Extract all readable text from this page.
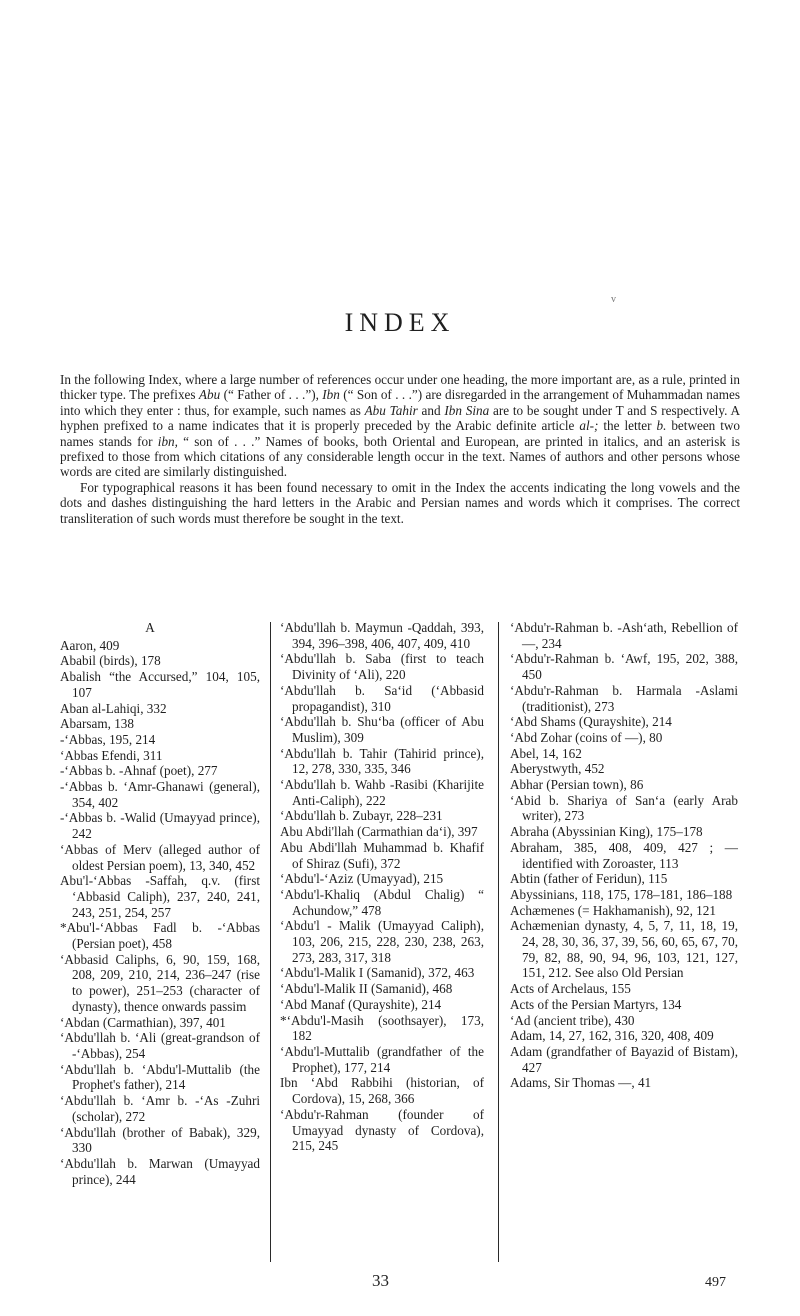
v
INDEX

In the following Index, where a large number of references occur under one heading, the more important are, as a rule, printed in thicker type. The prefixes Abu (“ Father of . . .”), Ibn (“ Son of . . .”) are disregarded in the arrangement of Muhammadan names into which they enter : thus, for example, such names as Abu Tahir and Ibn Sina are to be sought under T and S respectively. A hyphen prefixed to a name indicates that it is properly preceded by the Arabic definite article al-; the letter b. between two names stands for ibn, “ son of . . .” Names of books, both Oriental and European, are printed in italics, and an asterisk is prefixed to those from which citations of any considerable length occur in the text. Names of authors and other persons whose words are cited are similarly distinguished.

For typographical reasons it has been found necessary to omit in the Index the accents indicating the long vowels and the dots and dashes distinguishing the hard letters in the Arabic and Persian names and words which it comprises. The correct transliteration of such words must therefore be sought in the text.

A

Aaron, 409

Ababil (birds), 178

Abalish “the Accursed,” 104, 105, 107

Aban al-Lahiqi, 332

Abarsam, 138

-‘Abbas, 195, 214

‘Abbas Efendi, 311

-‘Abbas b. -Ahnaf (poet), 277

-‘Abbas b. ‘Amr-Ghanawi (general), 354, 402

-‘Abbas b. -Walid (Umayyad prince), 242

‘Abbas of Merv (alleged author of oldest Persian poem), 13, 340, 452

Abu'l-‘Abbas -Saffah, q.v. (first ‘Abbasid Caliph), 237, 240, 241, 243, 251, 254, 257

*Abu'l-‘Abbas Fadl b. -‘Abbas (Persian poet), 458

‘Abbasid Caliphs, 6, 90, 159, 168, 208, 209, 210, 214, 236–247 (rise to power), 251–253 (character of dynasty), thence onwards passim

‘Abdan (Carmathian), 397, 401

‘Abdu'llah b. ‘Ali (great-grandson of -‘Abbas), 254

‘Abdu'llah b. ‘Abdu'l-Muttalib (the Prophet's father), 214

‘Abdu'llah b. ‘Amr b. -‘As -Zuhri (scholar), 272

‘Abdu'llah (brother of Babak), 329, 330

‘Abdu'llah b. Marwan (Umayyad prince), 244

‘Abdu'llah b. Maymun -Qaddah, 393, 394, 396–398, 406, 407, 409, 410

‘Abdu'llah b. Saba (first to teach Divinity of ‘Ali), 220

‘Abdu'llah b. Sa‘id (‘Abbasid propagandist), 310

‘Abdu'llah b. Shu‘ba (officer of Abu Muslim), 309

‘Abdu'llah b. Tahir (Tahirid prince), 12, 278, 330, 335, 346

‘Abdu'llah b. Wahb -Rasibi (Kharijite Anti-Caliph), 222

‘Abdu'llah b. Zubayr, 228–231

Abu Abdi'llah (Carmathian da‘i), 397

Abu Abdi'llah Muhammad b. Khafif of Shiraz (Sufi), 372

‘Abdu'l-‘Aziz (Umayyad), 215

‘Abdu'l-Khaliq (Abdul Chalig) “ Achundow,” 478

‘Abdu'l - Malik (Umayyad Caliph), 103, 206, 215, 228, 230, 238, 263, 273, 283, 317, 318

‘Abdu'l-Malik I (Samanid), 372, 463

‘Abdu'l-Malik II (Samanid), 468

‘Abd Manaf (Qurayshite), 214

*‘Abdu'l-Masih (soothsayer), 173, 182

‘Abdu'l-Muttalib (grandfather of the Prophet), 177, 214

Ibn ‘Abd Rabbihi (historian, of Cordova), 15, 268, 366

‘Abdu'r-Rahman (founder of Umayyad dynasty of Cordova), 215, 245

‘Abdu'r-Rahman b. -Ash‘ath, Rebellion of —, 234

‘Abdu'r-Rahman b. ‘Awf, 195, 202, 388, 450

‘Abdu'r-Rahman b. Harmala -Aslami (traditionist), 273

‘Abd Shams (Qurayshite), 214

‘Abd Zohar (coins of —), 80

Abel, 14, 162

Aberystwyth, 452

Abhar (Persian town), 86

‘Abid b. Shariya of San‘a (early Arab writer), 273

Abraha (Abyssinian King), 175–178

Abraham, 385, 408, 409, 427 ; — identified with Zoroaster, 113

Abtin (father of Feridun), 115

Abyssinians, 118, 175, 178–181, 186–188

Achæmenes (= Hakhamanish), 92, 121

Achæmenian dynasty, 4, 5, 7, 11, 18, 19, 24, 28, 30, 36, 37, 39, 56, 60, 65, 67, 70, 79, 82, 88, 90, 94, 96, 103, 121, 127, 151, 212. See also Old Persian

Acts of Archelaus, 155

Acts of the Persian Martyrs, 134

‘Ad (ancient tribe), 430

Adam, 14, 27, 162, 316, 320, 408, 409

Adam (grandfather of Bayazid of Bistam), 427

Adams, Sir Thomas —, 41

33	497
